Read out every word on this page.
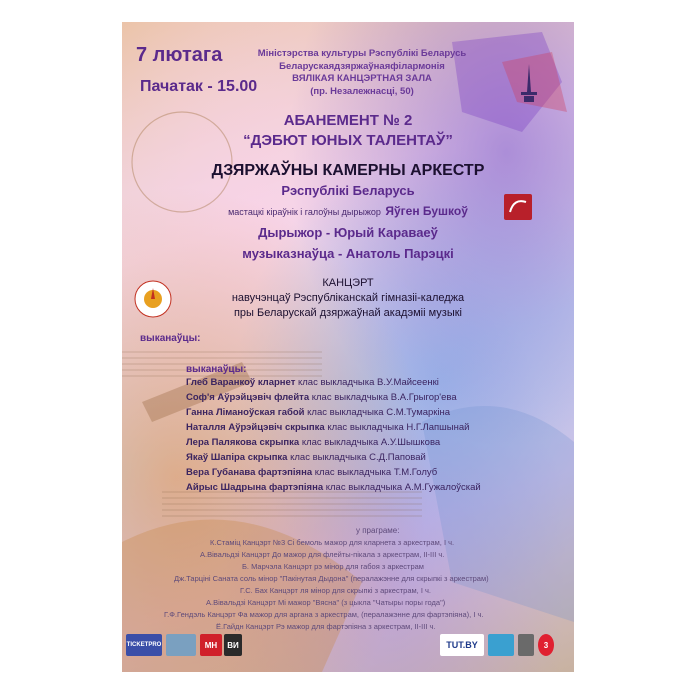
7 лютага
Пачатак - 15.00
Міністэрства культуры Рэспублікі Беларусь
Беларускаядзяржаўнаяфілармонія
ВЯЛІКАЯ КАНЦЭРТНАЯ ЗАЛА
(пр. Незалежнасці, 50)
АБАНЕМЕНТ № 2
“ДЭБЮТ ЮНЫХ ТАЛЕНТАЎ”
ДЗЯРЖАЎНЫ КАМЕРНЫ АРКЕСТР
Рэспублікі Беларусь
мастацкі кіраўнік і галоўны дырыжор Яўген Бушкоў
Дырыжор - Юрый Караваеў
музыказнаўца - Анатоль Парэцкі
КАНЦЭРТ
навучэнцаў Рэспубліканскай гімназіі-каледжа
пры Беларускай дзяржаўнай акадэміі музыкі
выканаўцы:
выканаўцы:
Глеб Варанкоў кларнет клас выкладчыка В.У.Майсеенкі
Соф'я Аўрэйцэвіч флейта клас выкладчыка В.А.Грыгор'ева
Ганна Ліманоўская габой клас выкладчыка С.М.Тумаркіна
Наталля Аўрэйцэвіч скрыпка клас выкладчыка Н.Г.Лапшынай
Лера Палякова скрыпка клас выкладчыка А.У.Шышкова
Якаў Шапіра скрыпка клас выкладчыка С.Д.Паповай
Вера Губанава фартэпіяна клас выкладчыка Т.М.Голуб
Айрыс Шадрына фартэпіяна клас выкладчыка А.М.Гужалоўскай
у праграме:
К.Стаміц Канцэрт №3 Сі бемоль мажор для кларнета з аркестрам, I ч.
А.Вівальдзі Канцэрт До мажор для флейты-пікала з аркестрам, II-III ч.
Б. Марчэла Канцэрт рэ мінор для габоя з аркестрам
Дж.Тарціні Саната соль мінор "Пакінутая Дыдона" (пералажэнне для скрыпкі з аркестрам)
Г.С. Бах Канцэрт ля мінор для скрыпкі з аркестрам, I ч.
А.Вівальдзі Канцэрт Мі мажор "Вясна" (з цыкла "Чатыры поры года")
Г.Ф.Гендэль Канцэрт Фа мажор для аргана з аркестрам, (пералажэнне для фартэпіяна), I ч.
Ё.Гайдн Канцэрт Рэ мажор для фартэпіяна з аркестрам, II-III ч.
TICKETPRO	MH	BИ	TUT.BY	3
